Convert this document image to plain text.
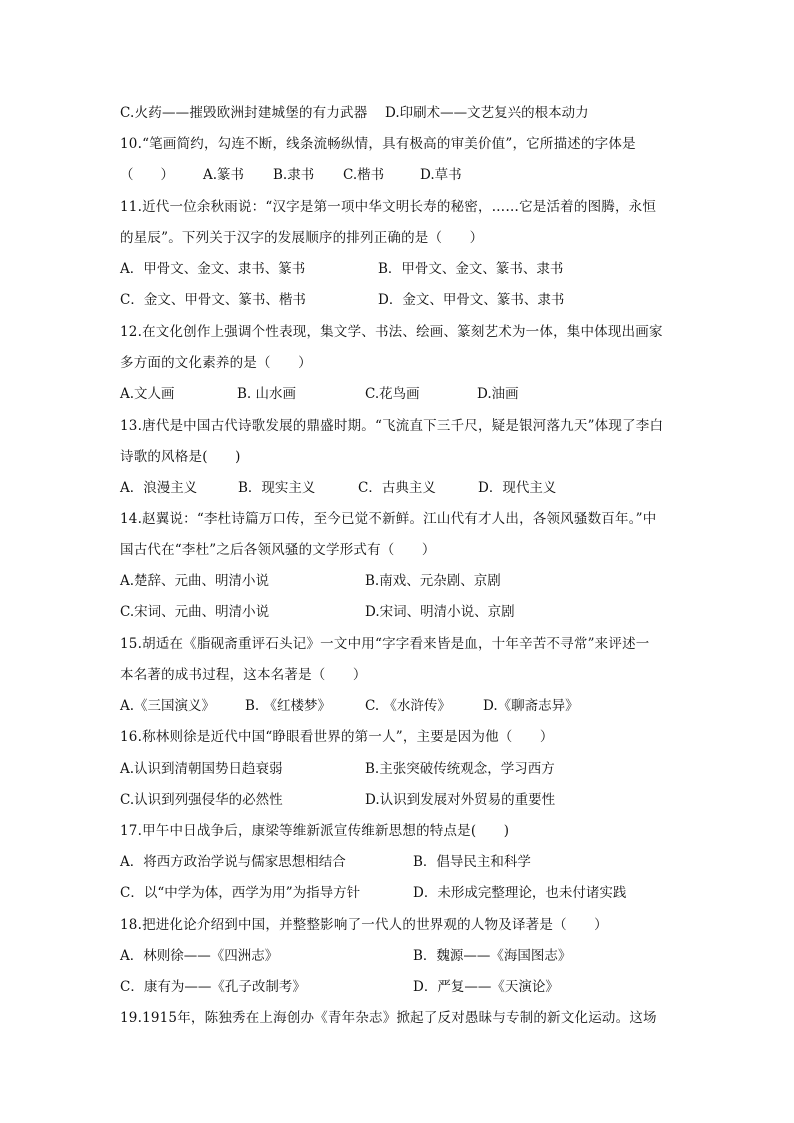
C.火药——摧毁欧洲封建城堡的有力武器 D.印刷术——文艺复兴的根本动力
10.“笔画简约，勾连不断，线条流畅纵情，具有极高的审美价值”，它所描述的字体是
（　　） A.篆书 B.隶书 C.楷书	D.草书
11.近代一位余秋雨说：“汉字是第一项中华文明长寿的秘密，……它是活着的图腾，永恒
的星辰”。下列关于汉字的发展顺序的排列正确的是（　　）
A．甲骨文、金文、隶书、篆书	B．甲骨文、金文、篆书、隶书
C．金文、甲骨文、篆书、楷书	D．金文、甲骨文、篆书、隶书
12.在文化创作上强调个性表现，集文学、书法、绘画、篆刻艺术为一体，集中体现出画家
多方面的文化素养的是（　　）
A.文人画	B. 山水画	C.花鸟画	D.油画
13.唐代是中国古代诗歌发展的鼎盛时期。“飞流直下三千尺，疑是银河落九天”体现了李白
诗歌的风格是(　　)
A．浪漫主义	B．现实主义	C．古典主义	D．现代主义
14.赵翼说：“李杜诗篇万口传，至今已觉不新鲜。江山代有才人出，各领风骚数百年。”中
国古代在“李杜”之后各领风骚的文学形式有（　　）
A.楚辞、元曲、明清小说	B.南戏、元杂剧、京剧
C.宋词、元曲、明清小说	D.宋词、明清小说、京剧
15.胡适在《脂砚斋重评石头记》一文中用“字字看来皆是血，十年辛苦不寻常”来评述一
本名著的成书过程，这本名著是（　　）
A.《三国演义》 B. 《红楼梦》	C. 《水浒传》 D.《聊斋志异》
16.称林则徐是近代中国“睁眼看世界的第一人”，主要是因为他（　　）
A.认识到清朝国势日趋衰弱	B.主张突破传统观念，学习西方
C.认识到列强侵华的必然性	D.认识到发展对外贸易的重要性
17.甲午中日战争后，康梁等维新派宣传维新思想的特点是(　　)
A．将西方政治学说与儒家思想相结合	B．倡导民主和科学
C．以“中学为体，西学为用”为指导方针	D．未形成完整理论，也未付诸实践
18.把进化论介绍到中国，并整整影响了一代人的世界观的人物及译著是（　　）
A．林则徐——《四洲志》	B．魏源——《海国图志》
C．康有为——《孔子改制考》	D．严复——《天演论》
19.1915年，陈独秀在上海创办《青年杂志》掀起了反对愚昧与专制的新文化运动。这场
